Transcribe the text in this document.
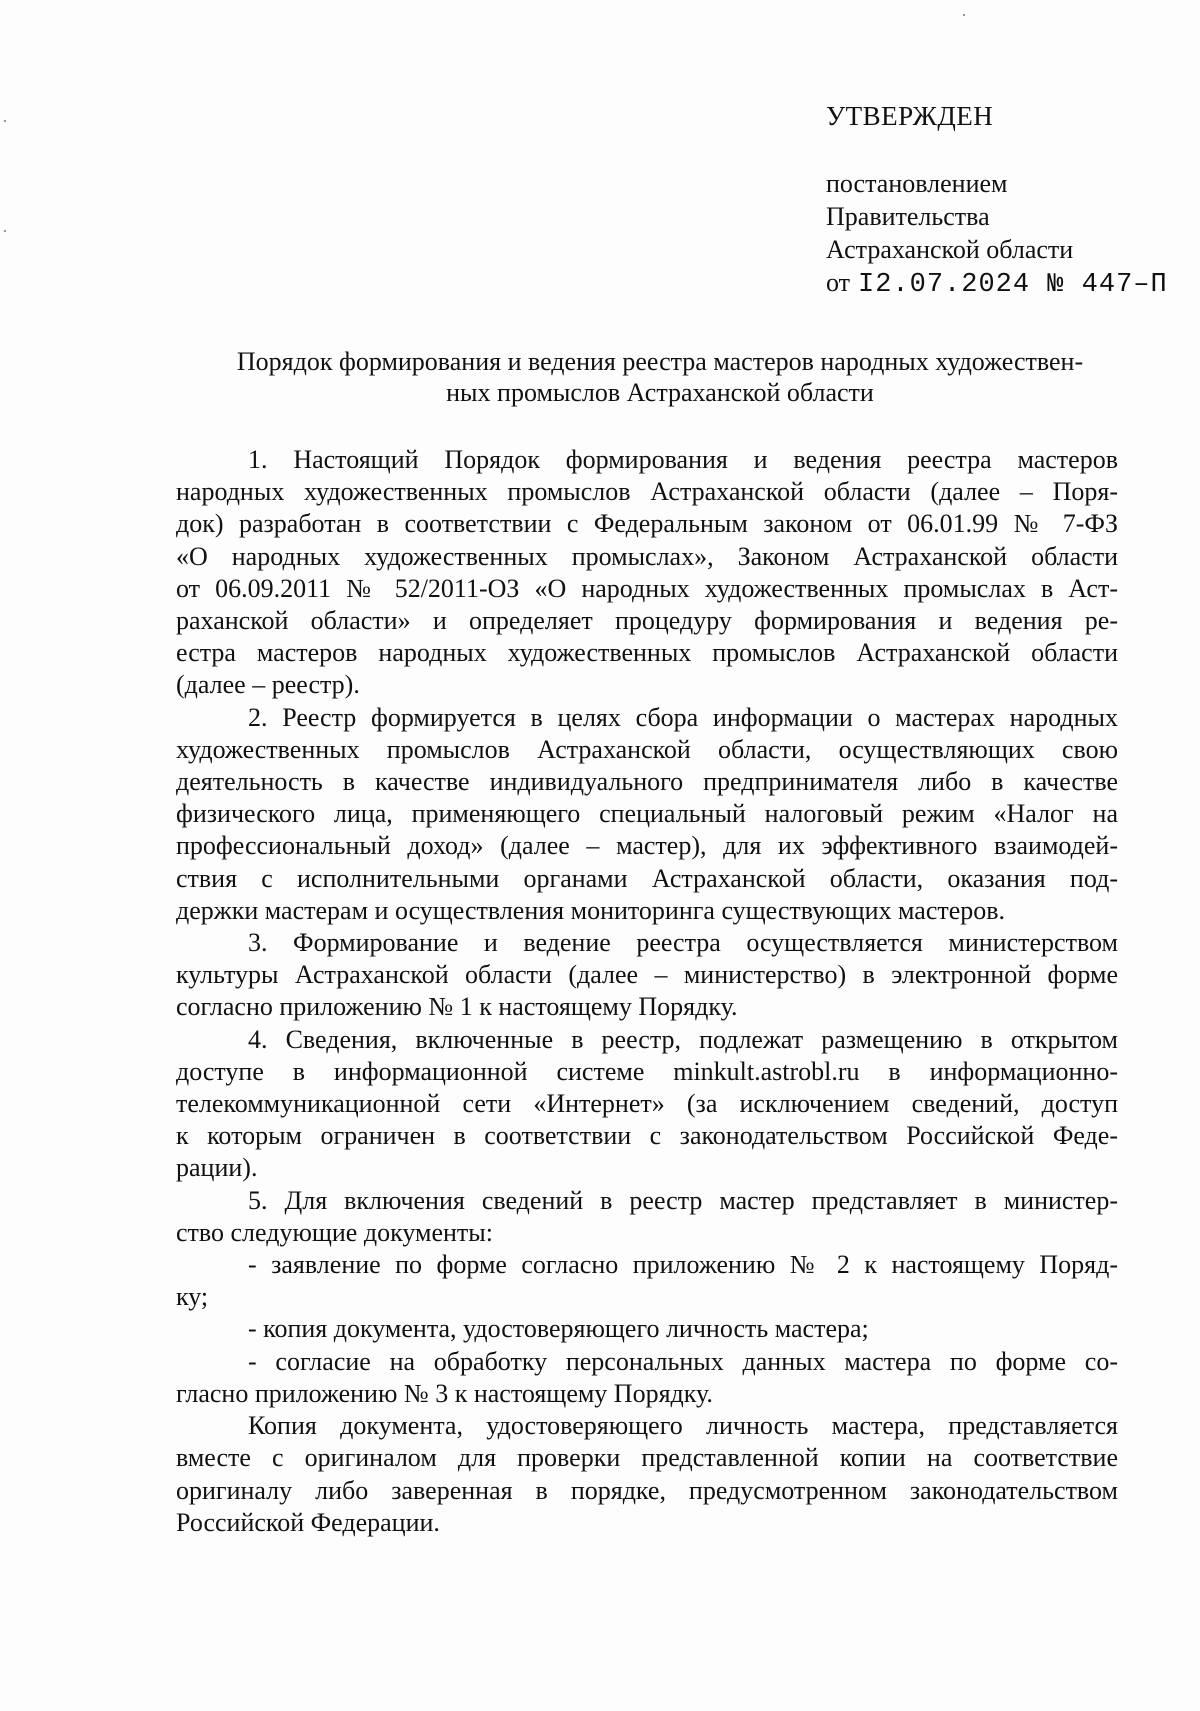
УТВЕРЖДЕН
постановлением
Правительства
Астраханской области
от I2.07.2024 № 447–П
Порядок формирования и ведения реестра мастеров народных художествен-
ных промыслов Астраханской области
1. Настоящий Порядок формирования и ведения реестра мастеров
народных художественных промыслов Астраханской области (далее – Поря-
док) разработан в соответствии с Федеральным законом от 06.01.99 № 7-ФЗ
«О народных художественных промыслах», Законом Астраханской области
от 06.09.2011 № 52/2011-ОЗ «О народных художественных промыслах в Аст-
раханской области» и определяет процедуру формирования и ведения ре-
естра мастеров народных художественных промыслов Астраханской области
(далее – реестр).
2. Реестр формируется в целях сбора информации о мастерах народных
художественных промыслов Астраханской области, осуществляющих свою
деятельность в качестве индивидуального предпринимателя либо в качестве
физического лица, применяющего специальный налоговый режим «Налог на
профессиональный доход» (далее – мастер), для их эффективного взаимодей-
ствия с исполнительными органами Астраханской области, оказания под-
держки мастерам и осуществления мониторинга существующих мастеров.
3. Формирование и ведение реестра осуществляется министерством
культуры Астраханской области (далее – министерство) в электронной форме
согласно приложению № 1 к настоящему Порядку.
4. Сведения, включенные в реестр, подлежат размещению в открытом
доступе в информационной системе minkult.astrobl.ru в информационно-
телекоммуникационной сети «Интернет» (за исключением сведений, доступ
к которым ограничен в соответствии с законодательством Российской Феде-
рации).
5. Для включения сведений в реестр мастер представляет в министер-
ство следующие документы:
- заявление по форме согласно приложению № 2 к настоящему Поряд-
ку;
- копия документа, удостоверяющего личность мастера;
- согласие на обработку персональных данных мастера по форме со-
гласно приложению № 3 к настоящему Порядку.
Копия документа, удостоверяющего личность мастера, представляется
вместе с оригиналом для проверки представленной копии на соответствие
оригиналу либо заверенная в порядке, предусмотренном законодательством
Российской Федерации.
